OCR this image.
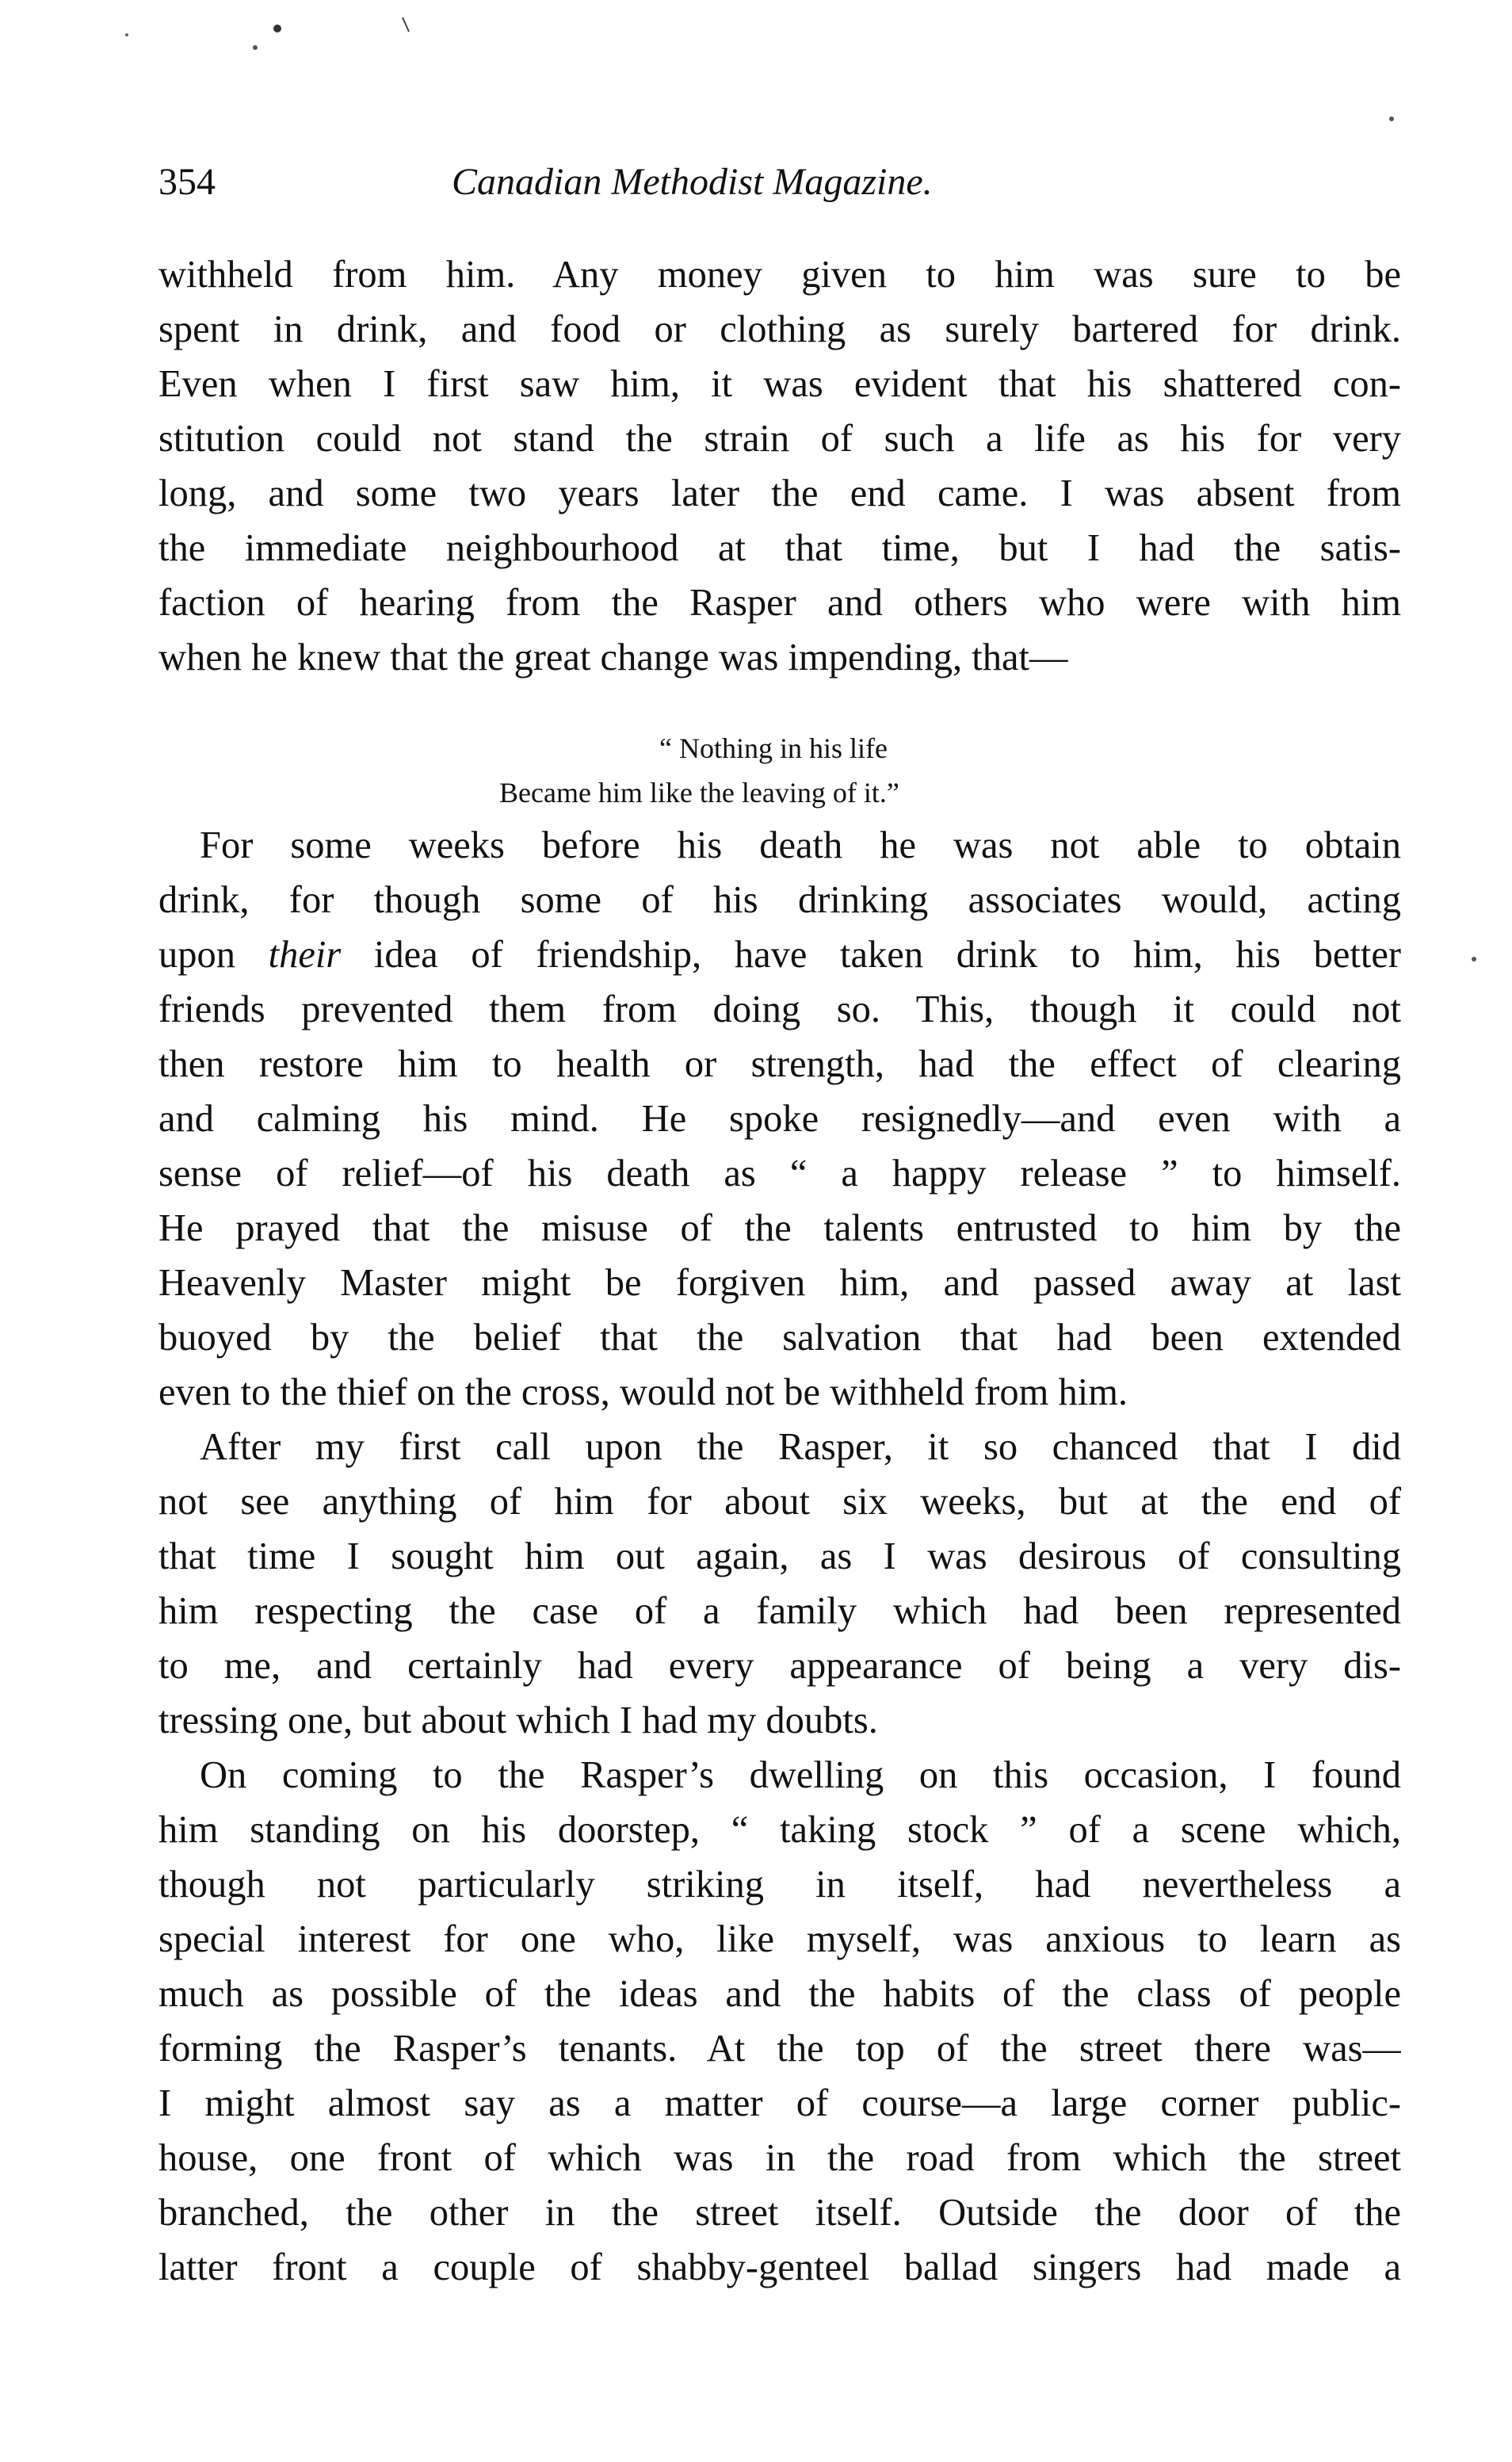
354	Canadian Methodist Magazine.

withheld from him. Any money given to him was sure to be
spent in drink, and food or clothing as surely bartered for drink.
Even when I first saw him, it was evident that his shattered con-
stitution could not stand the strain of such a life as his for very
long, and some two years later the end came. I was absent from
the immediate neighbourhood at that time, but I had the satis-
faction of hearing from the Rasper and others who were with him
when he knew that the great change was impending, that—

“ Nothing in his life
Became him like the leaving of it.”

For some weeks before his death he was not able to obtain
drink, for though some of his drinking associates would, acting
upon their idea of friendship, have taken drink to him, his better
friends prevented them from doing so. This, though it could not
then restore him to health or strength, had the effect of clearing
and calming his mind. He spoke resignedly—and even with a
sense of relief—of his death as “ a happy release ” to himself.
He prayed that the misuse of the talents entrusted to him by the
Heavenly Master might be forgiven him, and passed away at last
buoyed by the belief that the salvation that had been extended
even to the thief on the cross, would not be withheld from him.

After my first call upon the Rasper, it so chanced that I did
not see anything of him for about six weeks, but at the end of
that time I sought him out again, as I was desirous of consulting
him respecting the case of a family which had been represented
to me, and certainly had every appearance of being a very dis-
tressing one, but about which I had my doubts.

On coming to the Rasper’s dwelling on this occasion, I found
him standing on his doorstep, “ taking stock ” of a scene which,
though not particularly striking in itself, had nevertheless a
special interest for one who, like myself, was anxious to learn as
much as possible of the ideas and the habits of the class of people
forming the Rasper’s tenants. At the top of the street there was—
I might almost say as a matter of course—a large corner public-
house, one front of which was in the road from which the street
branched, the other in the street itself. Outside the door of the
latter front a couple of shabby-genteel ballad singers had made a
